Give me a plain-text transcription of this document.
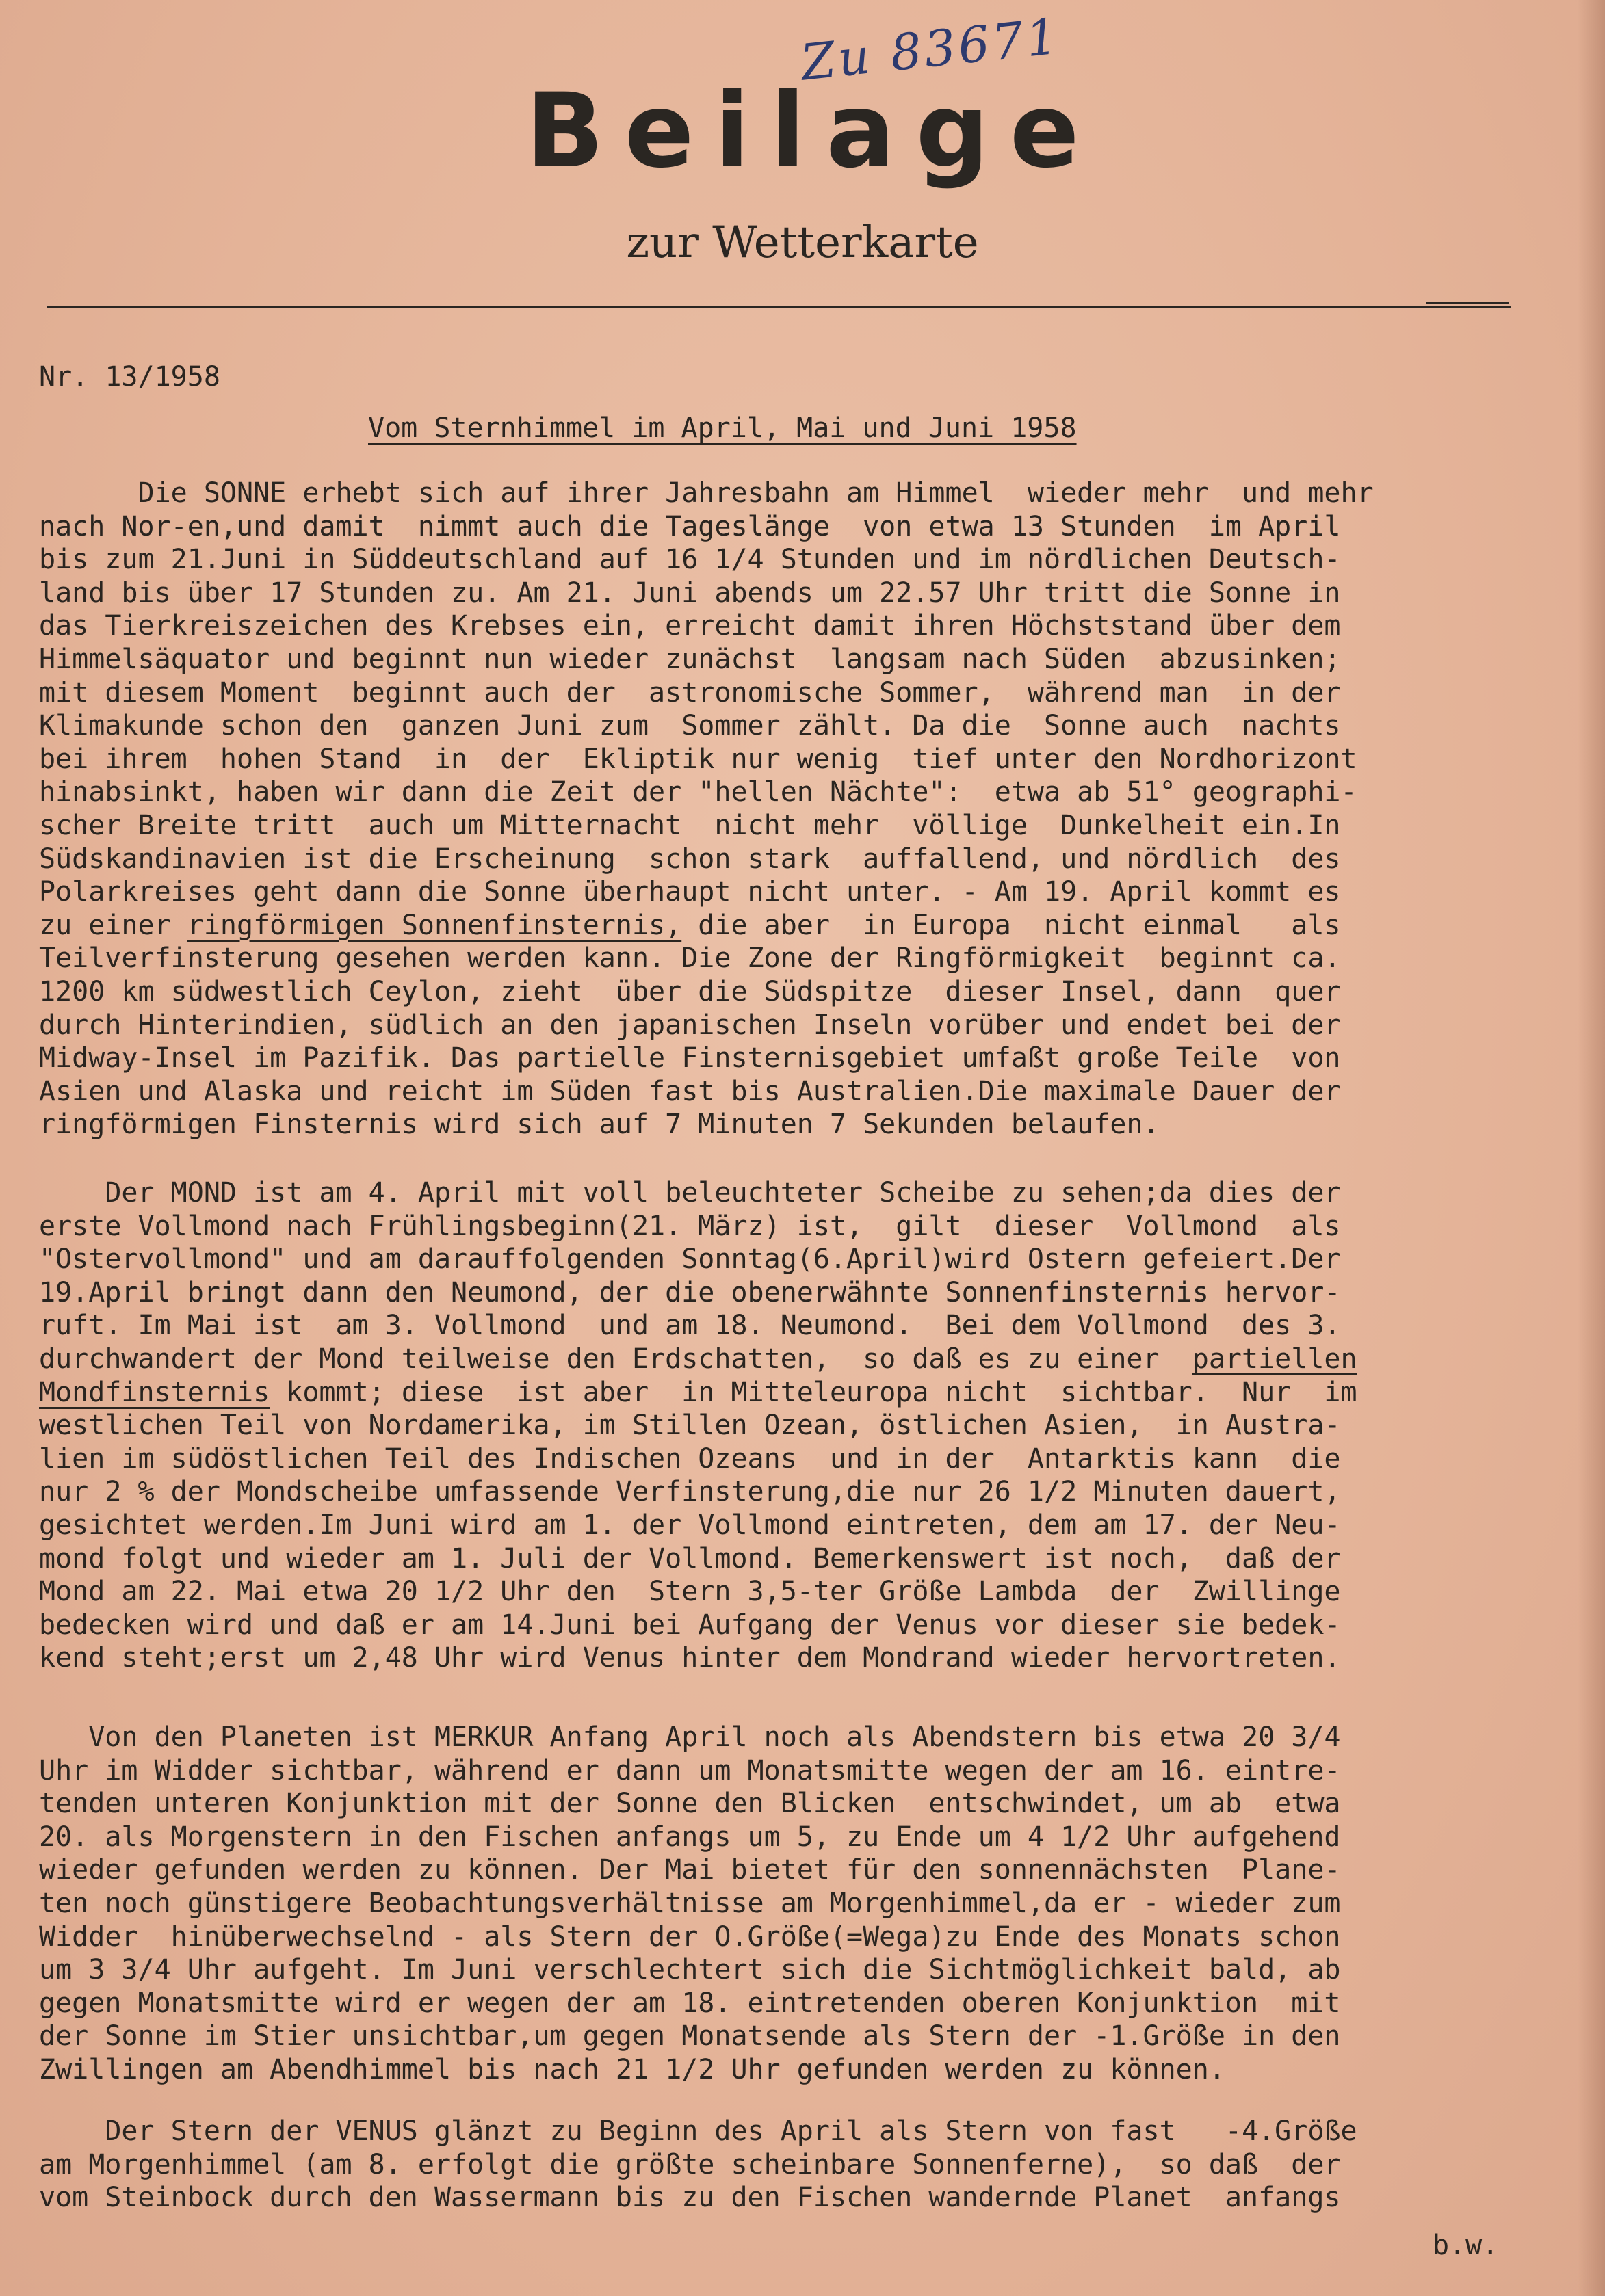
Zu 83671
Beilage
zur Wetterkarte
Nr. 13/1958
Vom Sternhimmel im April, Mai und Juni 1958
Die SONNE erhebt sich auf ihrer Jahresbahn am Himmel  wieder mehr  und mehr
nach Nor-en,und damit  nimmt auch die Tageslänge  von etwa 13 Stunden  im April
bis zum 21.Juni in Süddeutschland auf 16 1/4 Stunden und im nördlichen Deutsch-
land bis über 17 Stunden zu. Am 21. Juni abends um 22.57 Uhr tritt die Sonne in
das Tierkreiszeichen des Krebses ein, erreicht damit ihren Höchststand über dem
Himmelsäquator und beginnt nun wieder zunächst  langsam nach Süden  abzusinken;
mit diesem Moment  beginnt auch der  astronomische Sommer,  während man  in der
Klimakunde schon den  ganzen Juni zum  Sommer zählt. Da die  Sonne auch  nachts
bei ihrem  hohen Stand  in  der  Ekliptik nur wenig  tief unter den Nordhorizont
hinabsinkt, haben wir dann die Zeit der "hellen Nächte":  etwa ab 51° geographi-
scher Breite tritt  auch um Mitternacht  nicht mehr  völlige  Dunkelheit ein.In
Südskandinavien ist die Erscheinung  schon stark  auffallend, und nördlich  des
Polarkreises geht dann die Sonne überhaupt nicht unter. - Am 19. April kommt es
zu einer ringförmigen Sonnenfinsternis, die aber  in Europa  nicht einmal   als
Teilverfinsterung gesehen werden kann. Die Zone der Ringförmigkeit  beginnt ca.
1200 km südwestlich Ceylon, zieht  über die Südspitze  dieser Insel, dann  quer
durch Hinterindien, südlich an den japanischen Inseln vorüber und endet bei der
Midway-Insel im Pazifik. Das partielle Finsternisgebiet umfaßt große Teile  von
Asien und Alaska und reicht im Süden fast bis Australien.Die maximale Dauer der
ringförmigen Finsternis wird sich auf 7 Minuten 7 Sekunden belaufen.
Der MOND ist am 4. April mit voll beleuchteter Scheibe zu sehen;da dies der
erste Vollmond nach Frühlingsbeginn(21. März) ist,  gilt  dieser  Vollmond  als
"Ostervollmond" und am darauffolgenden Sonntag(6.April)wird Ostern gefeiert.Der
19.April bringt dann den Neumond, der die obenerwähnte Sonnenfinsternis hervor-
ruft. Im Mai ist  am 3. Vollmond  und am 18. Neumond.  Bei dem Vollmond  des 3.
durchwandert der Mond teilweise den Erdschatten,  so daß es zu einer  partiellen
Mondfinsternis kommt; diese  ist aber  in Mitteleuropa nicht  sichtbar.  Nur  im
westlichen Teil von Nordamerika, im Stillen Ozean, östlichen Asien,  in Austra-
lien im südöstlichen Teil des Indischen Ozeans  und in der  Antarktis kann  die
nur 2 % der Mondscheibe umfassende Verfinsterung,die nur 26 1/2 Minuten dauert,
gesichtet werden.Im Juni wird am 1. der Vollmond eintreten, dem am 17. der Neu-
mond folgt und wieder am 1. Juli der Vollmond. Bemerkenswert ist noch,  daß der
Mond am 22. Mai etwa 20 1/2 Uhr den  Stern 3,5-ter Größe Lambda  der  Zwillinge
bedecken wird und daß er am 14.Juni bei Aufgang der Venus vor dieser sie bedek-
kend steht;erst um 2,48 Uhr wird Venus hinter dem Mondrand wieder hervortreten.
Von den Planeten ist MERKUR Anfang April noch als Abendstern bis etwa 20 3/4
Uhr im Widder sichtbar, während er dann um Monatsmitte wegen der am 16. eintre-
tenden unteren Konjunktion mit der Sonne den Blicken  entschwindet, um ab  etwa
20. als Morgenstern in den Fischen anfangs um 5, zu Ende um 4 1/2 Uhr aufgehend
wieder gefunden werden zu können. Der Mai bietet für den sonnennächsten  Plane-
ten noch günstigere Beobachtungsverhältnisse am Morgenhimmel,da er - wieder zum
Widder  hinüberwechselnd - als Stern der O.Größe(=Wega)zu Ende des Monats schon
um 3 3/4 Uhr aufgeht. Im Juni verschlechtert sich die Sichtmöglichkeit bald, ab
gegen Monatsmitte wird er wegen der am 18. eintretenden oberen Konjunktion  mit
der Sonne im Stier unsichtbar,um gegen Monatsende als Stern der -1.Größe in den
Zwillingen am Abendhimmel bis nach 21 1/2 Uhr gefunden werden zu können.
Der Stern der VENUS glänzt zu Beginn des April als Stern von fast   -4.Größe
am Morgenhimmel (am 8. erfolgt die größte scheinbare Sonnenferne),  so daß  der
vom Steinbock durch den Wassermann bis zu den Fischen wandernde Planet  anfangs
b.w.
